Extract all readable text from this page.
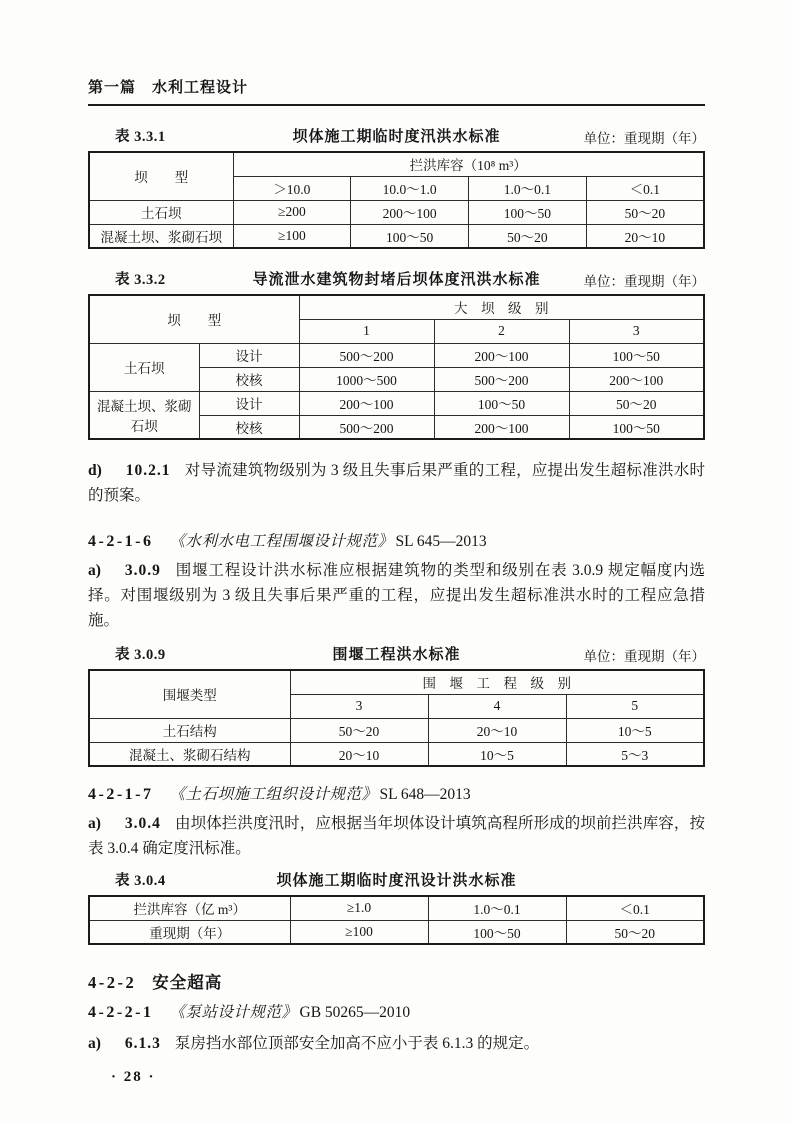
第一篇　水利工程设计
表 3.3.1	坝体施工期临时度汛洪水标准	单位：重现期（年）
坝　　型	拦洪库容（10⁸ m³）			
	＞10.0	10.0～1.0	1.0～0.1	＜0.1
土石坝	≥200	200～100	100～50	50～20
混凝土坝、浆砌石坝	≥100	100～50	50～20	20～10
表 3.3.2	导流泄水建筑物封堵后坝体度汛洪水标准	单位：重现期（年）
坝　　型		大　坝　级　别		
		1	2	3
土石坝	设计	500～200	200～100	100～50
	校核	1000～500	500～200	200～100
混凝土坝、浆砌石坝	设计	200～100	100～50	50～20
	校核	500～200	200～100	100～50

d) 10.2.1 对导流建筑物级别为 3 级且失事后果严重的工程，应提出发生超标准洪水时的预案。

4-2-1-6 《水利水电工程围堰设计规范》 SL 645—2013

a) 3.0.9 围堰工程设计洪水标准应根据建筑物的类型和级别在表 3.0.9 规定幅度内选择。对围堰级别为 3 级且失事后果严重的工程，应提出发生超标准洪水时的工程应急措施。

表 3.0.9	围堰工程洪水标准	单位：重现期（年）
围堰类型	围　堰　工　程　级　别		
	3	4	5
土石结构	50～20	20～10	10～5
混凝土、浆砌石结构	20～10	10～5	5～3

4-2-1-7 《土石坝施工组织设计规范》 SL 648—2013

a) 3.0.4 由坝体拦洪度汛时，应根据当年坝体设计填筑高程所形成的坝前拦洪库容，按表 3.0.4 确定度汛标准。

表 3.0.4	坝体施工期临时度汛设计洪水标准
拦洪库容（亿 m³）	≥1.0	1.0～0.1	＜0.1
重现期（年）	≥100	100～50	50～20

4-2-2 安全超高

4-2-2-1 《泵站设计规范》 GB 50265—2010

a) 6.1.3 泵房挡水部位顶部安全加高不应小于表 6.1.3 的规定。

· 28 ·
